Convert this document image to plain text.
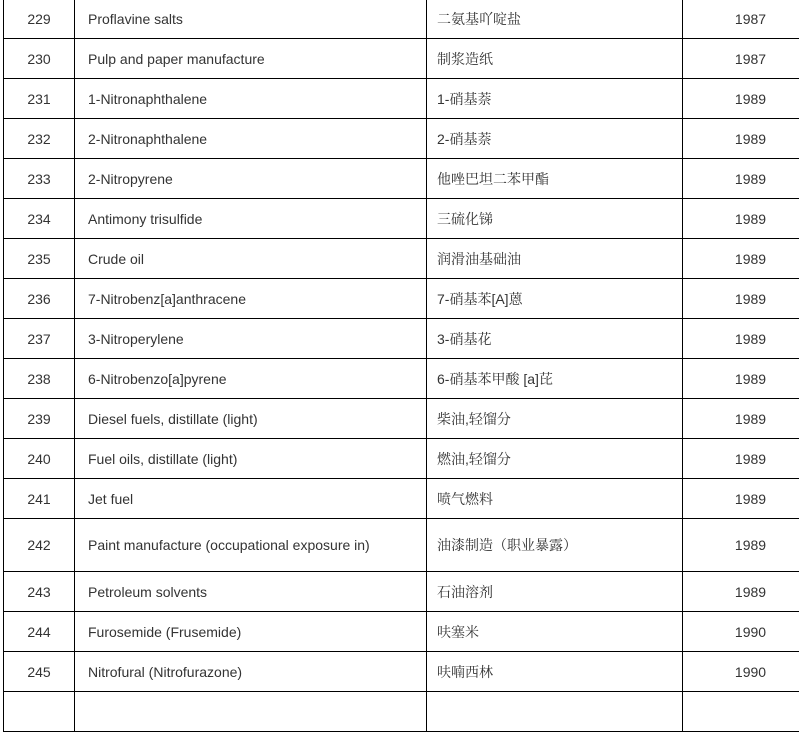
229	Proflavine salts	二氨基吖啶盐	1987
230	Pulp and paper manufacture	制浆造纸	1987
231	1-Nitronaphthalene	1-硝基萘	1989
232	2-Nitronaphthalene	2-硝基萘	1989
233	2-Nitropyrene	他唑巴坦二苯甲酯	1989
234	Antimony trisulfide	三硫化锑	1989
235	Crude oil	润滑油基础油	1989
236	7-Nitrobenz[a]anthracene	7-硝基苯[A]蒽	1989
237	3-Nitroperylene	3-硝基花	1989
238	6-Nitrobenzo[a]pyrene	6-硝基苯甲酸 [a]芘	1989
239	Diesel fuels, distillate (light)	柴油,轻馏分	1989
240	Fuel oils, distillate (light)	燃油,轻馏分	1989
241	Jet fuel	喷气燃料	1989
242	Paint manufacture (occupational exposure in)	油漆制造（职业暴露）	1989
243	Petroleum solvents	石油溶剂	1989
244	Furosemide (Frusemide)	呋塞米	1990
245	Nitrofural (Nitrofurazone)	呋喃西林	1990
